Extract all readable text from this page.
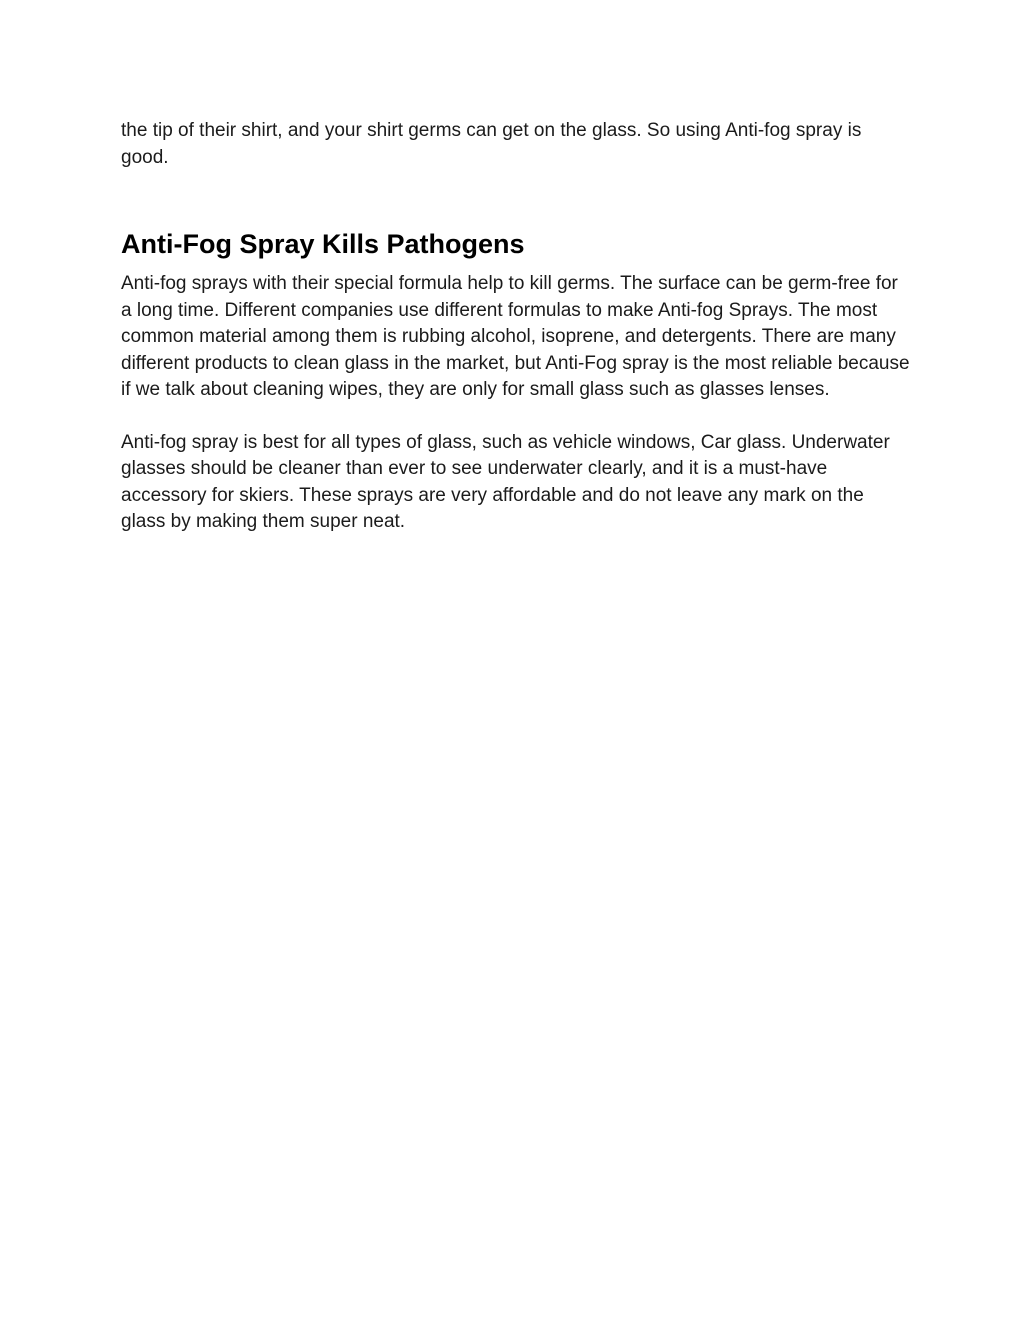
the tip of their shirt, and your shirt germs can get on the glass. So using Anti-fog spray is good.

Anti-Fog Spray Kills Pathogens

Anti-fog sprays with their special formula help to kill germs. The surface can be germ-free for a long time. Different companies use different formulas to make Anti-fog Sprays. The most common material among them is rubbing alcohol, isoprene, and detergents. There are many different products to clean glass in the market, but Anti-Fog spray is the most reliable because if we talk about cleaning wipes, they are only for small glass such as glasses lenses.

Anti-fog spray is best for all types of glass, such as vehicle windows, Car glass. Underwater glasses should be cleaner than ever to see underwater clearly, and it is a must-have accessory for skiers. These sprays are very affordable and do not leave any mark on the glass by making them super neat.
